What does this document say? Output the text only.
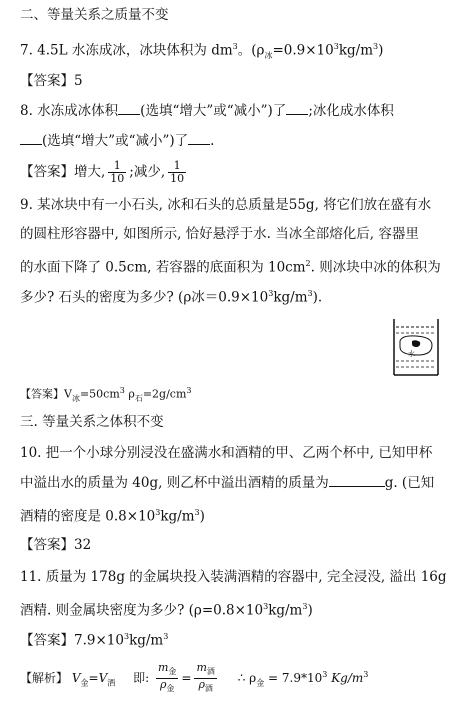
二、等量关系之质量不变
7. 4.5L 水冻成冰，冰块体积为 $dm^3$。$(\rho_冰=0.9\times 10^3kg/m^3)$
【答案】5
8. 水冻成冰体积 (选填“增大”或“减小”)了 ;冰化成水体积
(选填“增大”或“减小”)了 .
【答案】增大, $\frac{1}{10}$ ;减少, $\frac{1}{10}$
9. 某冰块中有一小石头, 冰和石头的总质量是55g, 将它们放在盛有水
的圆柱形容器中, 如图所示, 恰好悬浮于水. 当冰全部熔化后, 容器里
的水面下降了 0.5cm, 若容器的底面积为 $10cm^2$. 则冰块中冰的体积为
多少? 石头的密度为多少? (ρ冰$=0.9\times 10^3kg/m^3$).
水
【答案】$V_冰=50cm^3$ $\rho_石=2g/cm^3$
三. 等量关系之体积不变
10. 把一个小球分别浸没在盛满水和酒精的甲、乙两个杯中, 已知甲杯
中溢出水的质量为 40g, 则乙杯中溢出酒精的质量为	g. (已知
酒精的密度是 $0.8\times 10^3kg/m^3$)
【答案】32
11. 质量为 178g 的金属块投入装满酒精的容器中, 完全浸没, 溢出 16g
酒精. 则金属块密度为多少? $(\rho=0.8\times 10^3kg/m^3)$
【答案】$7.9\times 10^3kg/m^3$
【解析】 $V_金=V_酒$ 即: $\frac{m_金}{\rho_金} = \frac{m_酒}{\rho_酒}$ ∴ $\rho_金 = 7.9*10^3$ $Kg/m^3$
